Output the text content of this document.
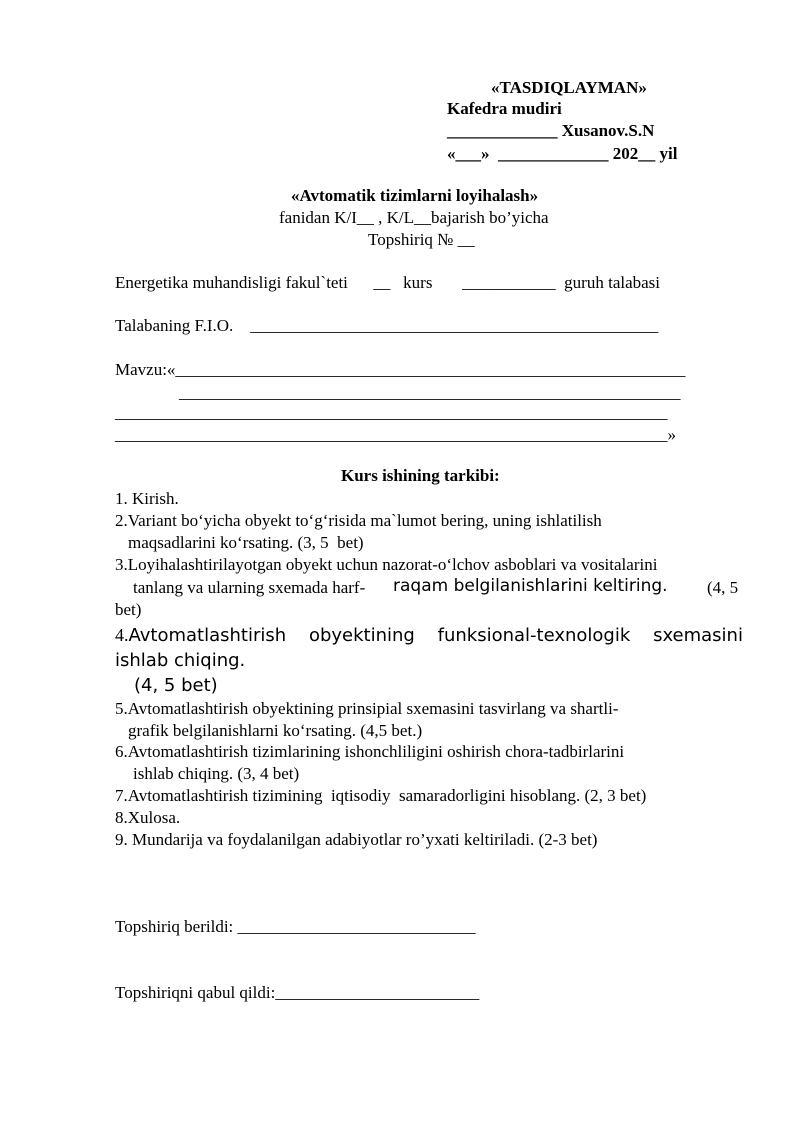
«TASDIQLAYMAN»
Kafedra mudiri
_____________ Xusanov.S.N
«___»  _____________ 202__ yil
«Avtomatik tizimlarni loyihalash»
fanidan K/I__ , K/L__bajarish bo’yicha
Topshiriq № __
Energetika muhandisligi fakul`teti      __   kurs       ___________  guruh talabasi
Talabaning F.I.O.    ________________________________________________
Mavzu:«____________________________________________________________
___________________________________________________________
_________________________________________________________________
_________________________________________________________________»
Kurs ishining tarkibi:
1. Kirish.
2.Variant bo‘yicha obyekt to‘g‘risida ma`lumot bering, uning ishlatilish
maqsadlarini ko‘rsating. (3, 5  bet)
3.Loyihalashtirilayotgan obyekt uchun nazorat-o‘lchov asboblari va vositalarini
tanlang va ularning sxemada harf- raqam belgilanishlarini keltiring. (4, 5
bet)
4.Avtomatlashtirish obyektining funksional-texnologik sxemasini
ishlab chiqing.
(4, 5 bet)
5.Avtomatlashtirish obyektining prinsipial sxemasini tasvirlang va shartli-
grafik belgilanishlarni ko‘rsating. (4,5 bet.)
6.Avtomatlashtirish tizimlarining ishonchliligini oshirish chora-tadbirlarini
ishlab chiqing. (3, 4 bet)
7.Avtomatlashtirish tizimining  iqtisodiy  samaradorligini hisoblang. (2, 3 bet)
8.Xulosa.
9. Mundarija va foydalanilgan adabiyotlar ro’yxati keltiriladi. (2-3 bet)
Topshiriq berildi: ____________________________
Topshiriqni qabul qildi:________________________
